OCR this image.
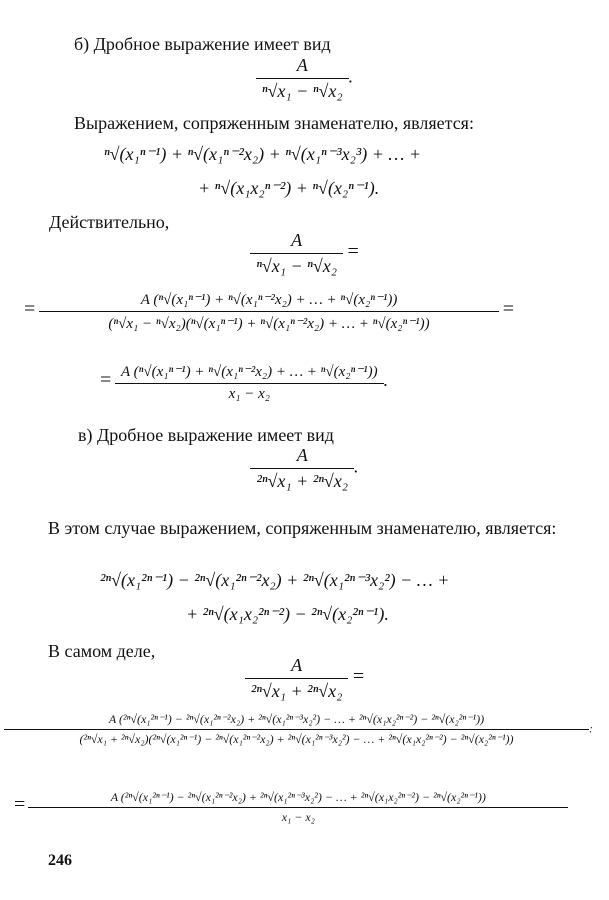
б) Дробное выражение имеет вид
$\frac{A}{\text{ⁿ√x₁ − ⁿ√x₂}}$ .
Выражением, сопряженным знаменателю, является:
ⁿ√(x₁ⁿ⁻¹) + ⁿ√(x₁ⁿ⁻²x₂) + ⁿ√(x₁ⁿ⁻³x₂³) + … +
+ ⁿ√(x₁x₂ⁿ⁻²) + ⁿ√(x₂ⁿ⁻¹).
Действительно,
$\frac{A}{\text{ⁿ√x₁ − ⁿ√x₂}}$ =
= $\frac{\text{A (ⁿ√(x₁ⁿ⁻¹) + ⁿ√(x₁ⁿ⁻²x₂) + … + ⁿ√(x₂ⁿ⁻¹))}}{\text{(ⁿ√x₁ − ⁿ√x₂)(ⁿ√(x₁ⁿ⁻¹) + ⁿ√(x₁ⁿ⁻²x₂) + … + ⁿ√(x₂ⁿ⁻¹))}}$ =
= $\frac{\text{A (ⁿ√(x₁ⁿ⁻¹) + ⁿ√(x₁ⁿ⁻²x₂) + … + ⁿ√(x₂ⁿ⁻¹))}}{\text{x₁ − x₂}}$ .
в) Дробное выражение имеет вид
$\frac{A}{\text{²ⁿ√x₁ + ²ⁿ√x₂}}$ .
В этом случае выражением, сопряженным знаменателю, является:
²ⁿ√(x₁²ⁿ⁻¹) − ²ⁿ√(x₁²ⁿ⁻²x₂) + ²ⁿ√(x₁²ⁿ⁻³x₂²) − … +
+ ²ⁿ√(x₁x₂²ⁿ⁻²) − ²ⁿ√(x₂²ⁿ⁻¹).
В самом деле,
$\frac{A}{\text{²ⁿ√x₁ + ²ⁿ√x₂}}$ =
A (²ⁿ√(x₁²ⁿ⁻¹) − ²ⁿ√(x₁²ⁿ⁻²x₂) + ²ⁿ√(x₁²ⁿ⁻³x₂²) − … + ²ⁿ√(x₁x₂²ⁿ⁻²) − ²ⁿ√(x₂²ⁿ⁻¹))
(²ⁿ√x₁ + ²ⁿ√x₂)(²ⁿ√(x₁²ⁿ⁻¹) − ²ⁿ√(x₁²ⁿ⁻²x₂) + ²ⁿ√(x₁²ⁿ⁻³x₂²) − … + ²ⁿ√(x₁x₂²ⁿ⁻²) − ²ⁿ√(x₂²ⁿ⁻¹))
:
=	A (²ⁿ√(x₁²ⁿ⁻¹) − ²ⁿ√(x₁²ⁿ⁻²x₂) + ²ⁿ√(x₁²ⁿ⁻³x₂²) − … + ²ⁿ√(x₁x₂²ⁿ⁻²) − ²ⁿ√(x₂²ⁿ⁻¹))
x₁ − x₂
246
